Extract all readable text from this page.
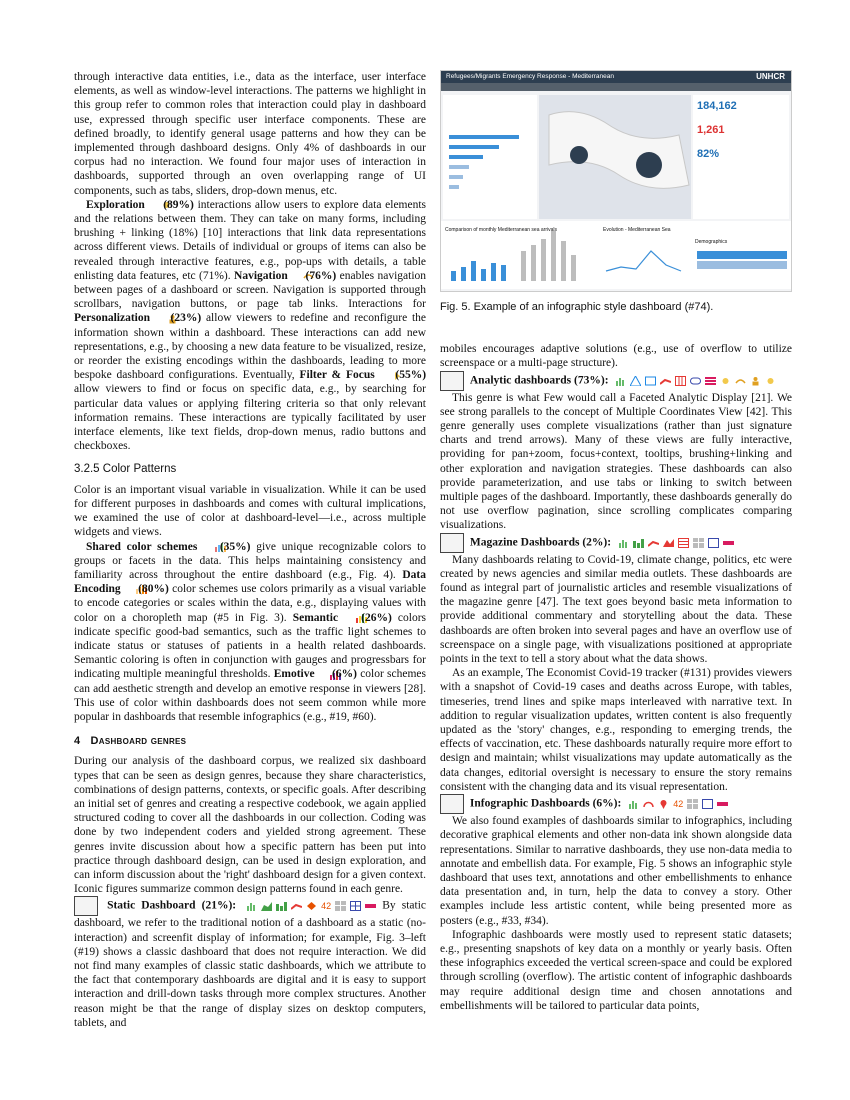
through interactive data entities, i.e., data as the interface, user interface elements, as well as window-level interactions. The patterns we highlight in this group refer to common roles that interaction could play in dashboard use, expressed through specific user interface components. These are defined broadly, to identify general usage patterns and how they can be implemented through dashboard designs. Only 4% of dashboards in our corpus had no interaction. We found four major uses of interaction in dashboards, supported through an oven overlapping range of UI components, such as tabs, sliders, drop-down menus, etc.

Exploration (89%) interactions allow users to explore data elements and the relations between them. They can take on many forms, including brushing + linking (18%) [10] interactions that link data representations across different views. Details of individual or groups of items can also be revealed through interactive features, e.g., pop-ups with details, a table enlisting data features, etc (71%). Navigation (76%) enables navigation between pages of a dashboard or screen. Navigation is supported through scrollbars, navigation buttons, or page tab links. Interactions for Personalization (23%) allow viewers to redefine and reconfigure the information shown within a dashboard. These interactions can add new representations, e.g., by choosing a new data feature to be visualized, resize, or reorder the existing encodings within the dashboards, leading to more bespoke dashboard configurations. Eventually, Filter & Focus (55%) allow viewers to find or focus on specific data, e.g., by searching for particular data values or applying filtering criteria so that only relevant information remains. These interactions are typically facilitated by user interface elements, like text fields, drop-down menus, radio buttons and checkboxes.

3.2.5 Color Patterns

Color is an important visual variable in visualization. While it can be used for different purposes in dashboards and comes with cultural implications, we examined the use of color at dashboard-level—i.e., across multiple widgets and views.

Shared color schemes (35%) give unique recognizable colors to groups or facets in the data. This helps maintaining consistency and familiarity across throughout the entire dashboard (e.g., Fig. 4). Data Encoding (80%) color schemes use colors primarily as a visual variable to encode categories or scales within the data, e.g., displaying values with color on a choropleth map (#5 in Fig. 3). Semantic (26%) colors indicate specific good-bad semantics, such as the traffic light schemes to indicate status or statuses of patients in a health related dashboards. Semantic coloring is often in conjunction with gauges and progressbars for indicating multiple meaningful thresholds. Emotive (6%) color schemes can add aesthetic strength and develop an emotive response in viewers [28]. This use of color within dashboards does not seem common while more popular in dashboards that resemble infographics (e.g., #19, #60).

4 Dashboard genres

During our analysis of the dashboard corpus, we realized six dashboard types that can be seen as design genres, because they share characteristics, combinations of design patterns, contexts, or specific goals. After describing an initial set of genres and creating a respective codebook, we again applied structured coding to cover all the dashboards in our collection. Coding was done by two independent coders and yielded strong agreement. These genres invite discussion about how a specific pattern has been put into practice through dashboard design, can be used in design exploration, and can inform discussion about the 'right' dashboard design for a given context. Iconic figures summarize common design patterns found in each genre.

Static Dashboard (21%):	42	By static dashboard, we refer to the traditional notion of a dashboard as a static (no-interaction) and screenfit display of information; for example, Fig. 3–left (#19) shows a classic dashboard that does not require interaction. We did not find many examples of classic static dashboards, which we attribute to the fact that contemporary dashboards are digital and it is easy to support interaction and drill-down tasks through more complex structures. Another reason might be that the range of display sizes on desktop computers, tablets, and

Refugees/Migrants Emergency Response - Mediterranean	UNHCR
184,162
1,261
82%
Comparison of monthly Mediterranean sea arrivals	Evolution - Mediterranean Sea
Demographics
Fig. 5. Example of an infographic style dashboard (#74).

mobiles encourages adaptive solutions (e.g., use of overflow to utilize screenspace or a multi-page structure).

Analytic dashboards (73%):

This genre is what Few would call a Faceted Analytic Display [21]. We see strong parallels to the concept of Multiple Coordinates View [42]. This genre generally uses complete visualizations (rather than just signature charts and trend arrows). Many of these views are fully interactive, providing for pan+zoom, focus+context, tooltips, brushing+linking and other exploration and navigation strategies. These dashboards can also provide parameterization, and use tabs or linking to switch between multiple pages of the dashboard. Importantly, these dashboards generally do not use overflow pagination, since scrolling complicates comparing visualizations.

Magazine Dashboards (2%):

Many dashboards relating to Covid-19, climate change, politics, etc were created by news agencies and similar media outlets. These dashboards are found as integral part of journalistic articles and resemble visualizations of the magazine genre [47]. The text goes beyond basic meta information to provide additional commentary and storytelling about the data. These dashboards are often broken into several pages and have an overflow use of screenspace on a single page, with visualizations positioned at appropriate points in the text to tell a story about what the data shows.

As an example, The Economist Covid-19 tracker (#131) provides viewers with a snapshot of Covid-19 cases and deaths across Europe, with tables, timeseries, trend lines and spike maps interleaved with narrative text. In addition to regular visualization updates, written content is also frequently updated as the 'story' changes, e.g., responding to emerging trends, the effects of vaccination, etc. These dashboards naturally require more effort to design and maintain; whilst visualizations may update automatically as the data changes, editorial oversight is necessary to ensure the story remains consistent with the changing data and its visual representation.

Infographic Dashboards (6%):	42

We also found examples of dashboards similar to infographics, including decorative graphical elements and other non-data ink shown alongside data representations. Similar to narrative dashboards, they use non-data media to annotate and embellish data. For example, Fig. 5 shows an infographic style dashboard that uses text, annotations and other embellishments to enhance data presentation and, in turn, help the data to convey a story. Other examples include less artistic content, while being presented more as posters (e.g., #33, #34).

Infographic dashboards were mostly used to represent static datasets; e.g., presenting snapshots of key data on a monthly or yearly basis. Often these infographics exceeded the vertical screen-space and could be explored through scrolling (overflow). The artistic content of infographic dashboards may require additional design time and chosen annotations and embellishments will be tailored to particular data points,
